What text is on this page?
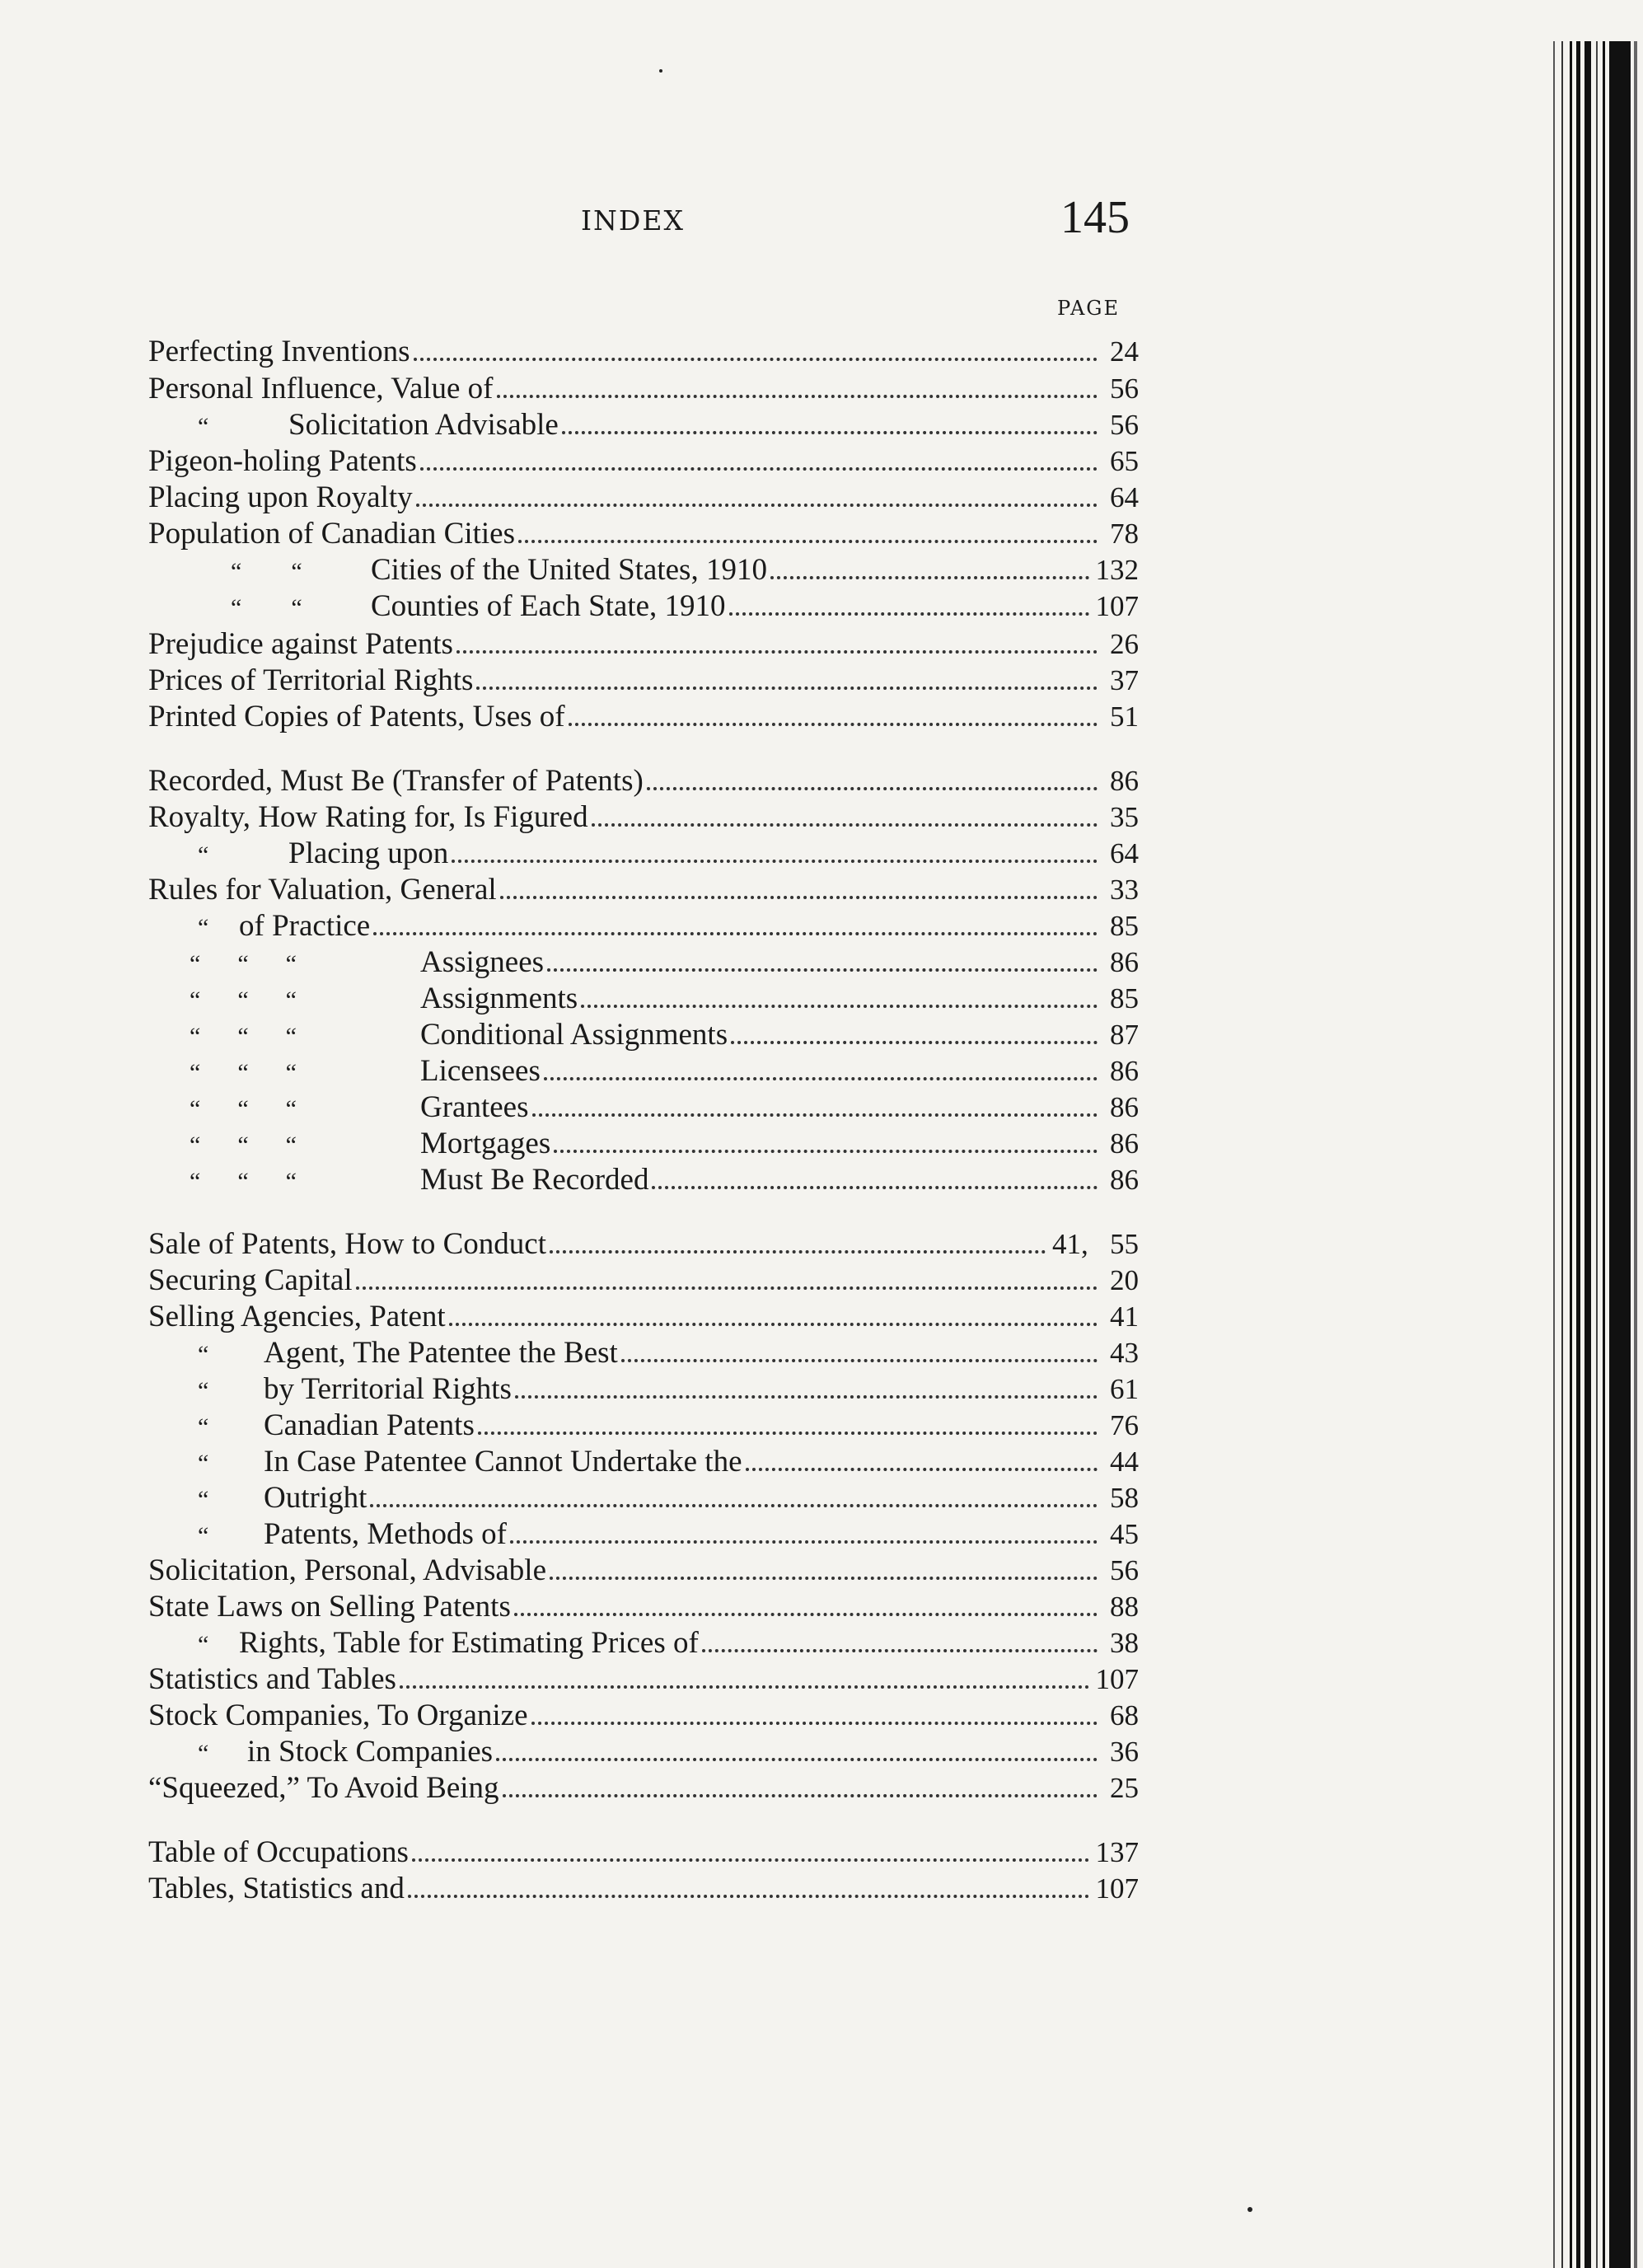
INDEX	145
PAGE
Perfecting Inventions	24
Personal Influence, Value of	56
“	Solicitation Advisable	56
Pigeon-holing Patents	65
Placing upon Royalty	64
Population of Canadian Cities	78
“        “ Cities of the United States, 1910	132
“        “ Counties of Each State, 1910	107
Prejudice against Patents	26
Prices of Territorial Rights	37
Printed Copies of Patents, Uses of	51
Recorded, Must Be (Transfer of Patents)	86
Royalty, How Rating for, Is Figured	35
“	Placing upon	64
Rules for Valuation, General	33
“ of Practice	85
“      “      “	Assignees	86
“      “      “	Assignments	85
“      “      “	Conditional Assignments	87
“      “      “	Licensees	86
“      “      “	Grantees	86
“      “      “	Mortgages	86
“      “      “	Must Be Recorded	86
Sale of Patents, How to Conduct	41,   55
Securing Capital	20
Selling Agencies, Patent	41
“ Agent, The Patentee the Best	43
“ by Territorial Rights	61
“ Canadian Patents	76
“ In Case Patentee Cannot Undertake the	44
“ Outright	58
“ Patents, Methods of	45
Solicitation, Personal, Advisable	56
State Laws on Selling Patents	88
“ Rights, Table for Estimating Prices of	38
Statistics and Tables	107
Stock Companies, To Organize	68
“ in Stock Companies	36
“Squeezed,” To Avoid Being	25
Table of Occupations	137
Tables, Statistics and	107
